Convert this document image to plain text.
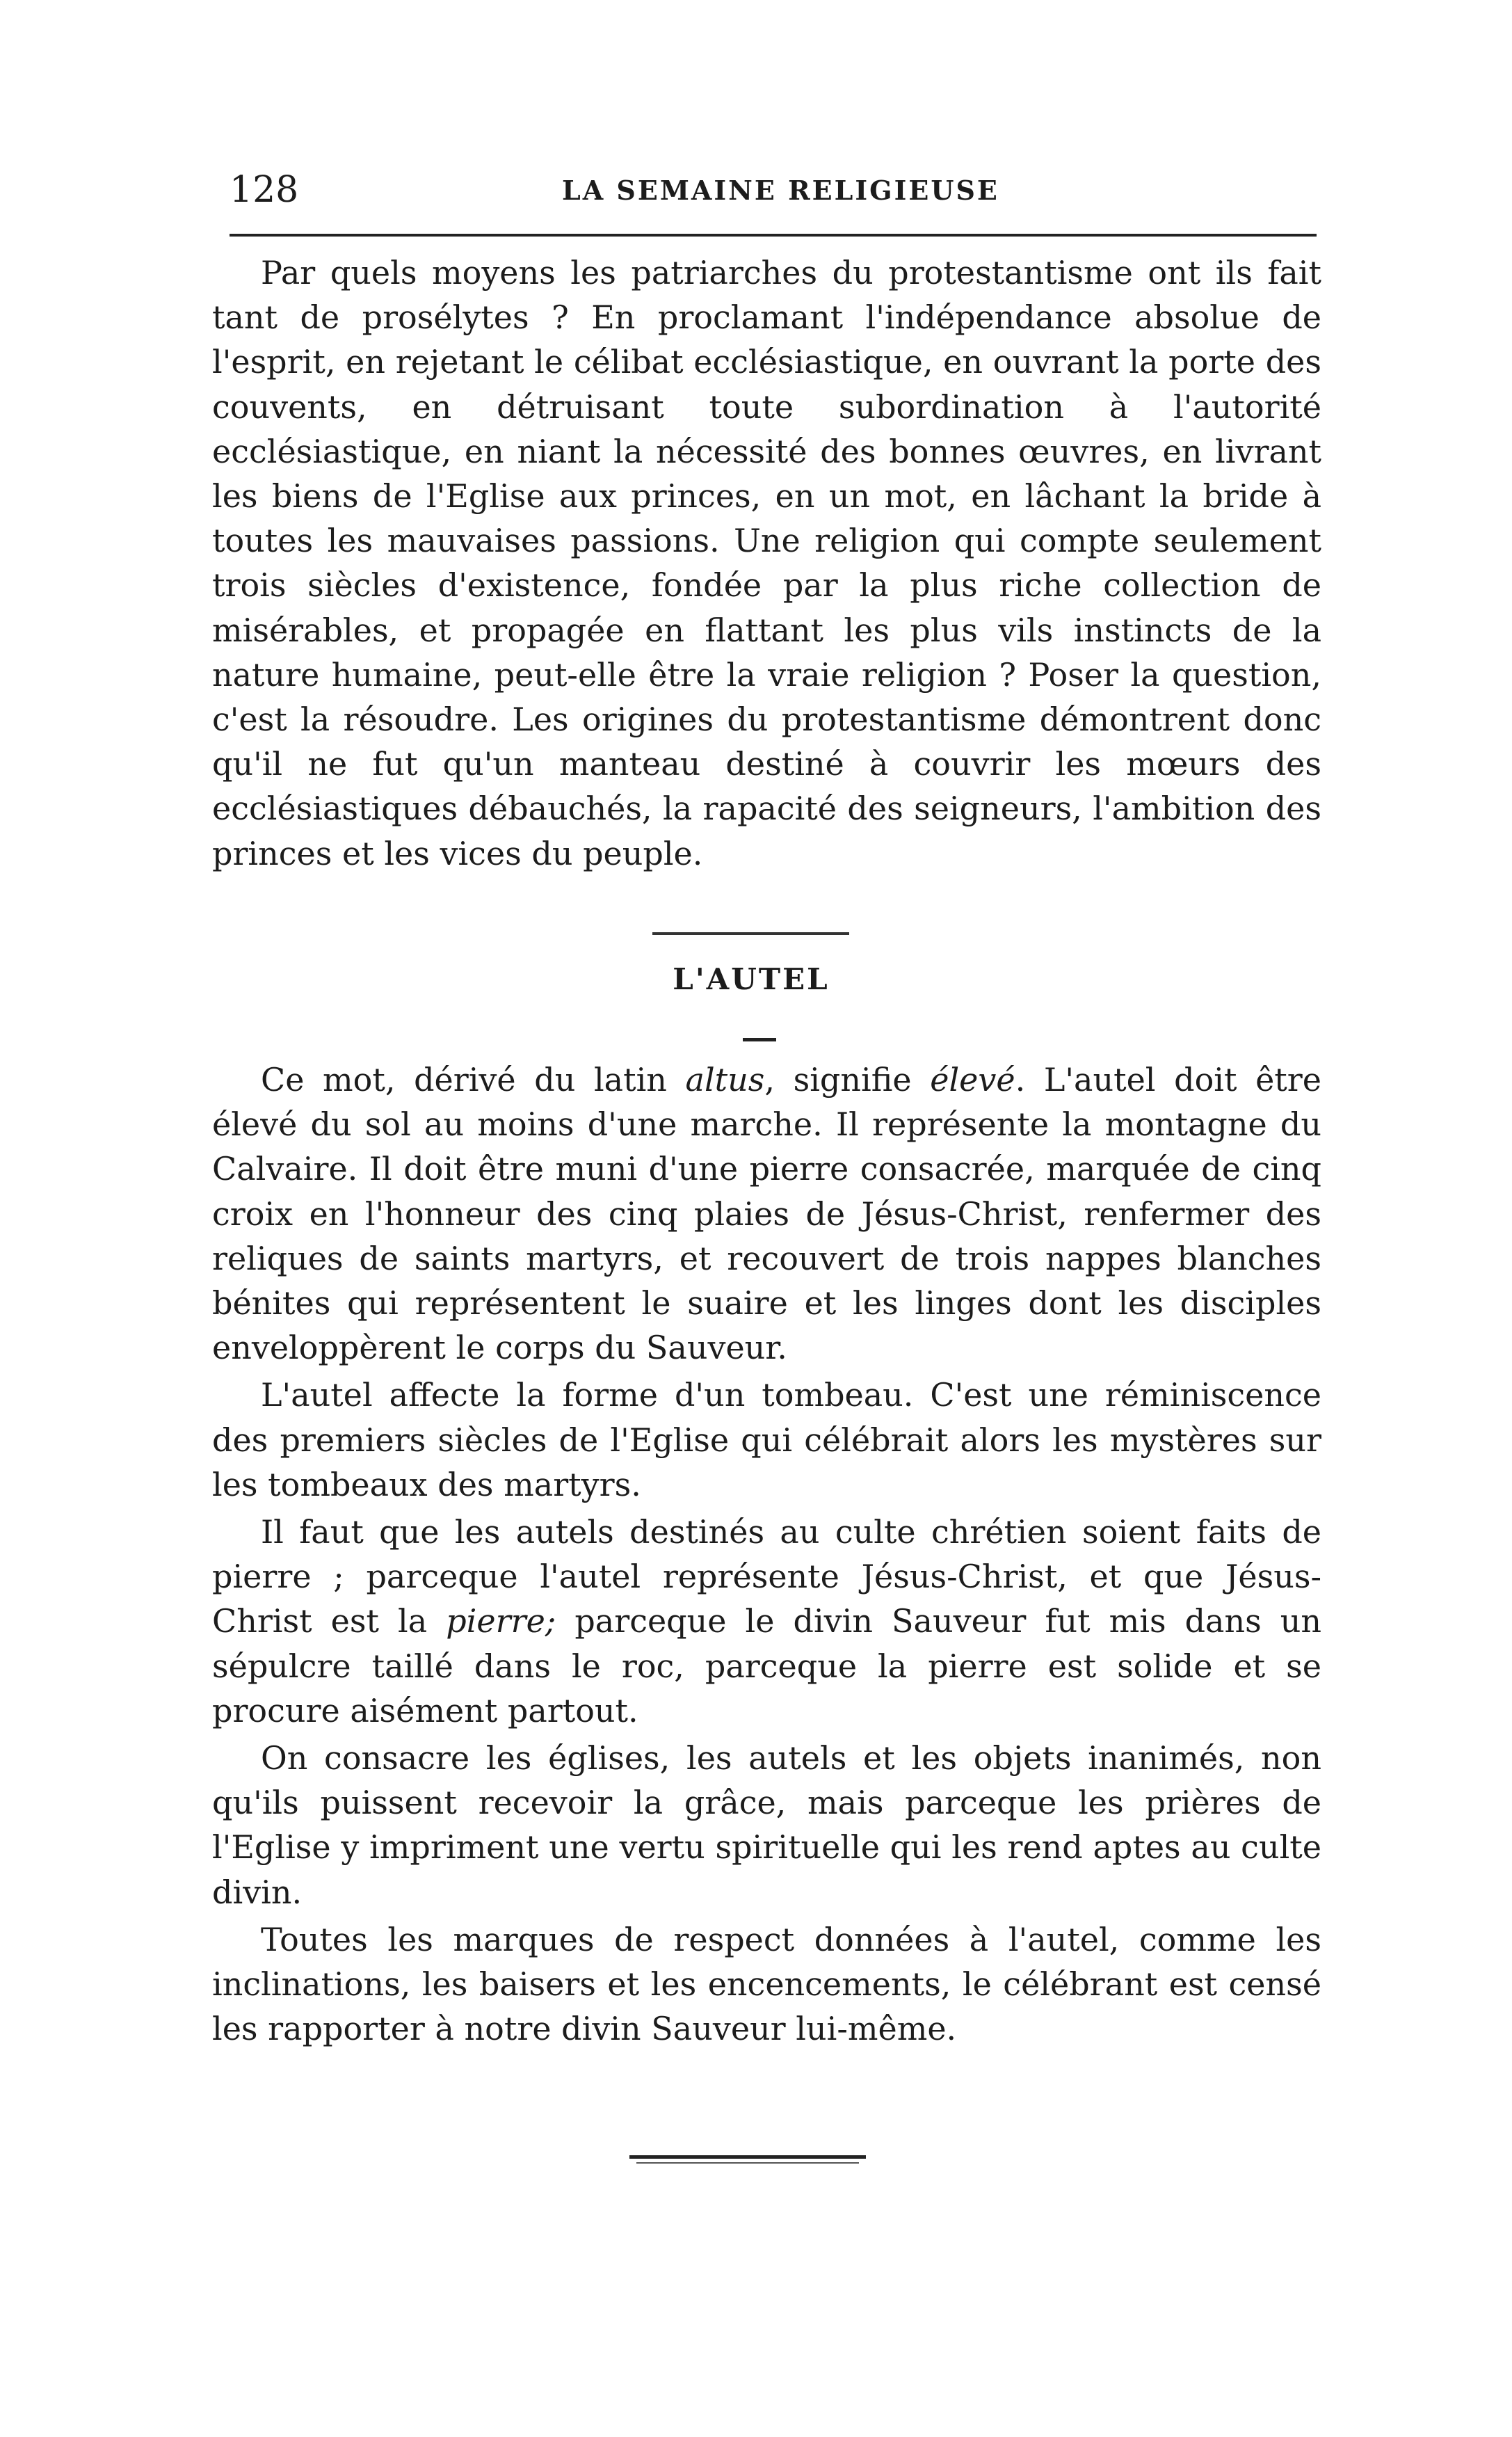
128	LA SEMAINE RELIGIEUSE

Par quels moyens les patriarches du protestantisme ont ils fait tant de prosélytes ? En proclamant l'indépendance absolue de l'esprit, en rejetant le célibat ecclésiastique, en ouvrant la porte des couvents, en détruisant toute subordination à l'autorité ecclésiastique, en niant la nécessité des bonnes œuvres, en livrant les biens de l'Eglise aux princes, en un mot, en lâchant la bride à toutes les mauvaises passions. Une religion qui compte seulement trois siècles d'existence, fondée par la plus riche collection de misérables, et propagée en flattant les plus vils instincts de la nature humaine, peut-elle être la vraie religion ? Poser la question, c'est la résoudre. Les origines du protestantisme démontrent donc qu'il ne fut qu'un manteau destiné à couvrir les mœurs des ecclésiastiques débauchés, la rapacité des seigneurs, l'ambition des princes et les vices du peuple.

L'AUTEL

Ce mot, dérivé du latin altus, signifie élevé. L'autel doit être élevé du sol au moins d'une marche. Il représente la montagne du Calvaire. Il doit être muni d'une pierre consacrée, marquée de cinq croix en l'honneur des cinq plaies de Jésus-Christ, renfermer des reliques de saints martyrs, et recouvert de trois nappes blanches bénites qui représentent le suaire et les linges dont les disciples enveloppèrent le corps du Sauveur.

L'autel affecte la forme d'un tombeau. C'est une réminiscence des premiers siècles de l'Eglise qui célébrait alors les mystères sur les tombeaux des martyrs.

Il faut que les autels destinés au culte chrétien soient faits de pierre ; parceque l'autel représente Jésus-Christ, et que Jésus-Christ est la pierre; parceque le divin Sauveur fut mis dans un sépulcre taillé dans le roc, parceque la pierre est solide et se procure aisément partout.

On consacre les églises, les autels et les objets inanimés, non qu'ils puissent recevoir la grâce, mais parceque les prières de l'Eglise y impriment une vertu spirituelle qui les rend aptes au culte divin.

Toutes les marques de respect données à l'autel, comme les inclinations, les baisers et les encencements, le célébrant est censé les rapporter à notre divin Sauveur lui-même.
